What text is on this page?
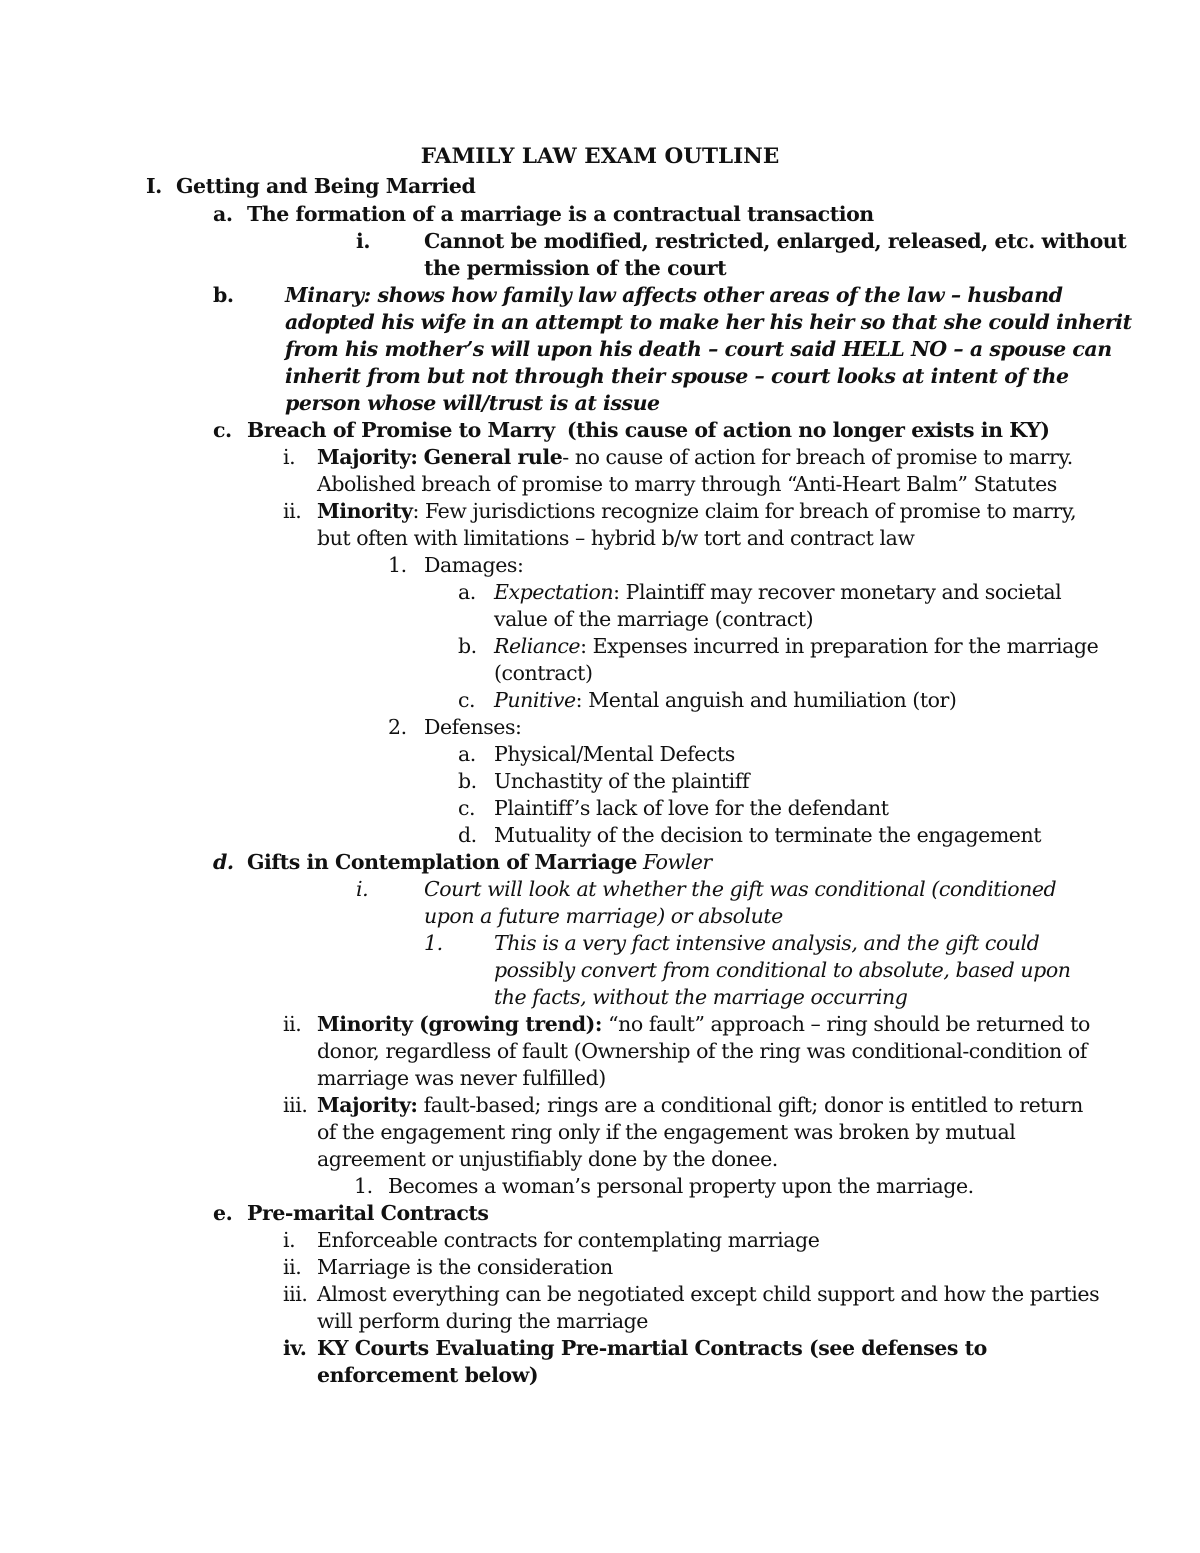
FAMILY LAW EXAM OUTLINE
I. Getting and Being Married
a. The formation of a marriage is a contractual transaction
i.	Cannot be modified, restricted, enlarged, released, etc. without
the permission of the court
b.	Minary: shows how family law affects other areas of the law – husband
adopted his wife in an attempt to make her his heir so that she could inherit
from his mother’s will upon his death – court said HELL NO – a spouse can
inherit from but not through their spouse – court looks at intent of the
person whose will/trust is at issue
c. Breach of Promise to Marry (this cause of action no longer exists in KY)
i. Majority: General rule- no cause of action for breach of promise to marry.
Abolished breach of promise to marry through “Anti-Heart Balm” Statutes
ii. Minority: Few jurisdictions recognize claim for breach of promise to marry,
but often with limitations – hybrid b/w tort and contract law
1. Damages:
a. Expectation: Plaintiff may recover monetary and societal
value of the marriage (contract)
b. Reliance: Expenses incurred in preparation for the marriage
(contract)
c. Punitive: Mental anguish and humiliation (tor)
2. Defenses:
a. Physical/Mental Defects
b. Unchastity of the plaintiff
c. Plaintiff’s lack of love for the defendant
d. Mutuality of the decision to terminate the engagement
d. Gifts in Contemplation of Marriage Fowler
i.	Court will look at whether the gift was conditional (conditioned
upon a future marriage) or absolute
1.	This is a very fact intensive analysis, and the gift could
possibly convert from conditional to absolute, based upon
the facts, without the marriage occurring
ii. Minority (growing trend): “no fault” approach – ring should be returned to
donor, regardless of fault (Ownership of the ring was conditional-condition of
marriage was never fulfilled)
iii. Majority: fault-based; rings are a conditional gift; donor is entitled to return
of the engagement ring only if the engagement was broken by mutual
agreement or unjustifiably done by the donee.
1. Becomes a woman’s personal property upon the marriage.
e. Pre-marital Contracts
i. Enforceable contracts for contemplating marriage
ii. Marriage is the consideration
iii. Almost everything can be negotiated except child support and how the parties
will perform during the marriage
iv. KY Courts Evaluating Pre-martial Contracts (see defenses to
enforcement below)
